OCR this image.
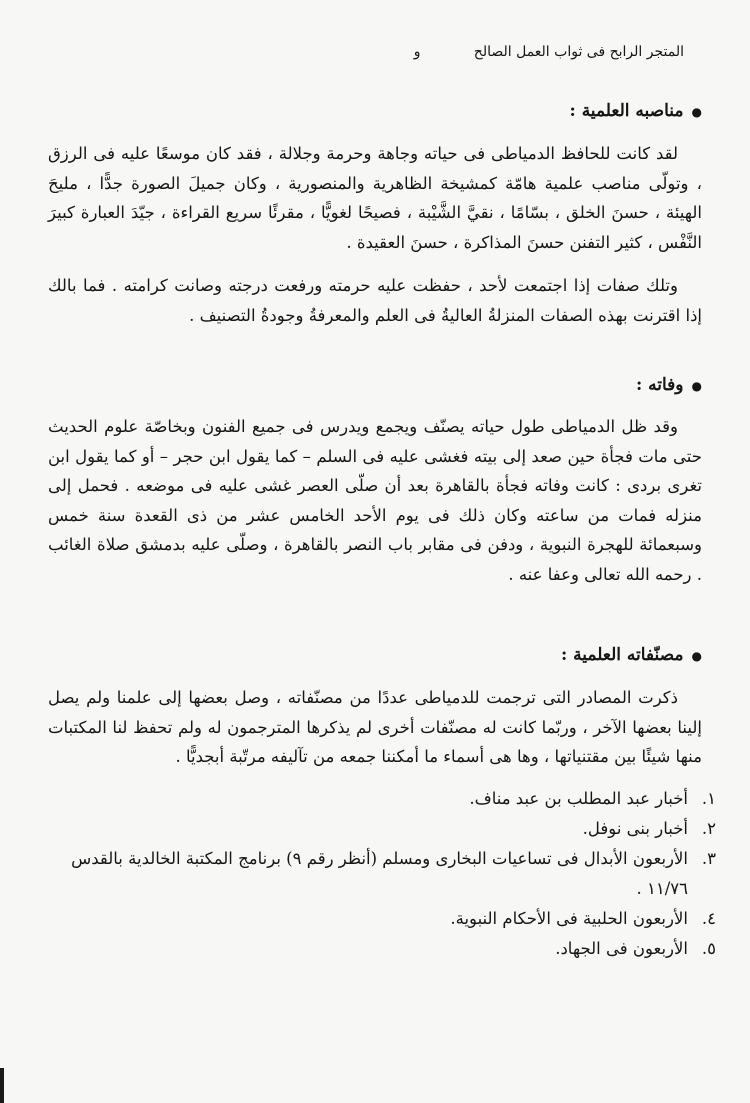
المتجر الرابح فى ثواب العمل الصالح
و
●مناصبه العلمية :

لقد كانت للحافظ الدمياطى فى حياته وجاهة وحرمة وجلالة ، فقد كان موسعًا عليه فى الرزق ، وتولّى مناصب علمية هامّة كمشيخة الظاهرية والمنصورية ، وكان جميلَ الصورة جدًّا ، مليحَ الهيئة ، حسنَ الخلق ، بسّامًا ، نقيَّ الشَّيْبة ، فصيحًا لغويًّا ، مقرئًا سريع القراءة ، جيّدَ العبارة كبيرَ النَّفْس ، كثير التفنن حسنَ المذاكرة ، حسنَ العقيدة .

وتلك صفات إذا اجتمعت لأحد ، حفظت عليه حرمته ورفعت درجته وصانت كرامته . فما بالك إذا اقترنت بهذه الصفات المنزلةُ العاليةُ فى العلم والمعرفةُ وجودةُ التصنيف .

●وفاته :

وقد ظل الدمياطى طول حياته يصنّف ويجمع ويدرس فى جميع الفنون وبخاصّة علوم الحديث حتى مات فجأة حين صعد إلى بيته فغشى عليه فى السلم – كما يقول ابن حجر – أو كما يقول ابن تغرى بردى : كانت وفاته فجأة بالقاهرة بعد أن صلّى العصر غشى عليه فى موضعه . فحمل إلى منزله فمات من ساعته وكان ذلك فى يوم الأحد الخامس عشر من ذى القعدة سنة خمس وسبعمائة للهجرة النبوية ، ودفن فى مقابر باب النصر بالقاهرة ، وصلّى عليه بدمشق صلاة الغائب . رحمه الله تعالى وعفا عنه .

●مصنّفاته العلمية :

ذكرت المصادر التى ترجمت للدمياطى عددًا من مصنّفاته ، وصل بعضها إلى علمنا ولم يصل إلينا بعضها الآخر ، وربّما كانت له مصنّفات أخرى لم يذكرها المترجمون له ولم تحفظ لنا المكتبات منها شيئًا بين مقتنياتها ، وها هى أسماء ما أمكننا جمعه من تآليفه مرتّبة أبجديًّا .

١.
أخبار عبد المطلب بن عبد مناف.
٢.
أخبار بنى نوفل.
٣.
الأربعون الأبدال فى تساعيات البخارى ومسلم (أنظر رقم ٩) برنامج المكتبة الخالدية بالقدس ١١/٧٦ .
٤.
الأربعون الحلبية فى الأحكام النبوية.
٥.
الأربعون فى الجهاد.
